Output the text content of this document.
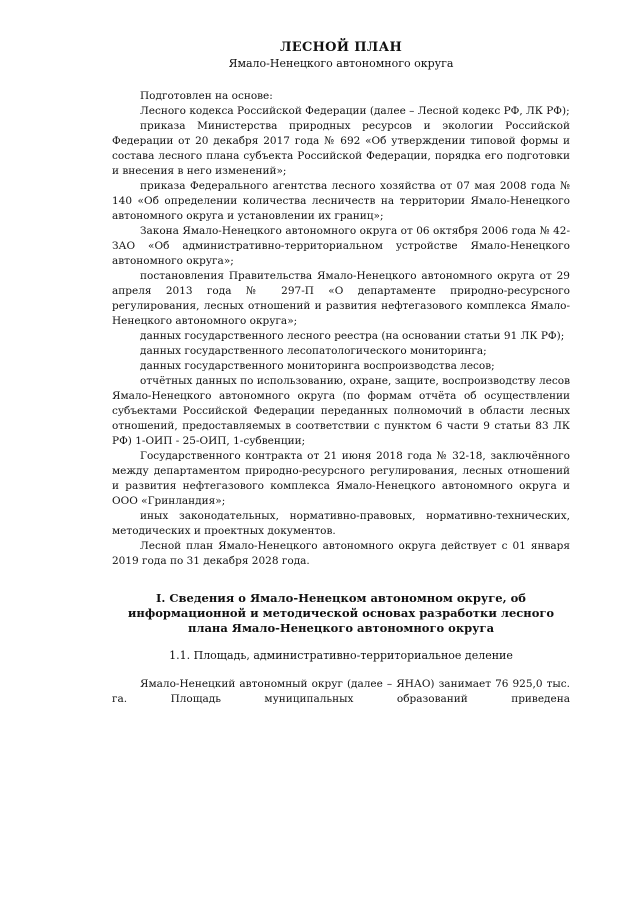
ЛЕСНОЙ ПЛАН

Ямало-Ненецкого автономного округа

Подготовлен на основе:

Лесного кодекса Российской Федерации (далее – Лесной кодекс РФ, ЛК РФ);

приказа Министерства природных ресурсов и экологии Российской Федерации от 20 декабря 2017 года № 692 «Об утверждении типовой формы и состава лесного плана субъекта Российской Федерации, порядка его подготовки и внесения в него изменений»;

приказа Федерального агентства лесного хозяйства от 07 мая 2008 года № 140 «Об определении количества лесничеств на территории Ямало-Ненецкого автономного округа и установлении их границ»;

Закона Ямало-Ненецкого автономного округа от 06 октября 2006 года № 42-ЗАО «Об административно-территориальном устройстве Ямало-Ненецкого автономного округа»;

постановления Правительства Ямало-Ненецкого автономного округа от 29 апреля 2013 года № 297-П «О департаменте природно-ресурсного регулирования, лесных отношений и развития нефтегазового комплекса Ямало-Ненецкого автономного округа»;

данных государственного лесного реестра (на основании статьи 91 ЛК РФ);

данных государственного лесопатологического мониторинга;

данных государственного мониторинга воспроизводства лесов;

отчётных данных по использованию, охране, защите, воспроизводству лесов Ямало-Ненецкого автономного округа (по формам отчёта об осуществлении субъектами Российской Федерации переданных полномочий в области лесных отношений, предоставляемых в соответствии с пунктом 6 части 9 статьи 83 ЛК РФ) 1-ОИП - 25-ОИП, 1-субвенции;

Государственного контракта от 21 июня 2018 года № 32-18, заключённого между департаментом природно-ресурсного регулирования, лесных отношений и развития нефтегазового комплекса Ямало-Ненецкого автономного округа и ООО «Гринландия»;

иных законодательных, нормативно-правовых, нормативно-технических, методических и проектных документов.

Лесной план Ямало-Ненецкого автономного округа действует с 01 января 2019 года по 31 декабря 2028 года.

I. Сведения о Ямало-Ненецком автономном округе, об информационной и методической основах разработки лесного плана Ямало-Ненецкого автономного округа

1.1. Площадь, административно-территориальное деление

Ямало-Ненецкий автономный округ (далее – ЯНАО) занимает 76 925,0 тыс. га. Площадь муниципальных образований приведена
